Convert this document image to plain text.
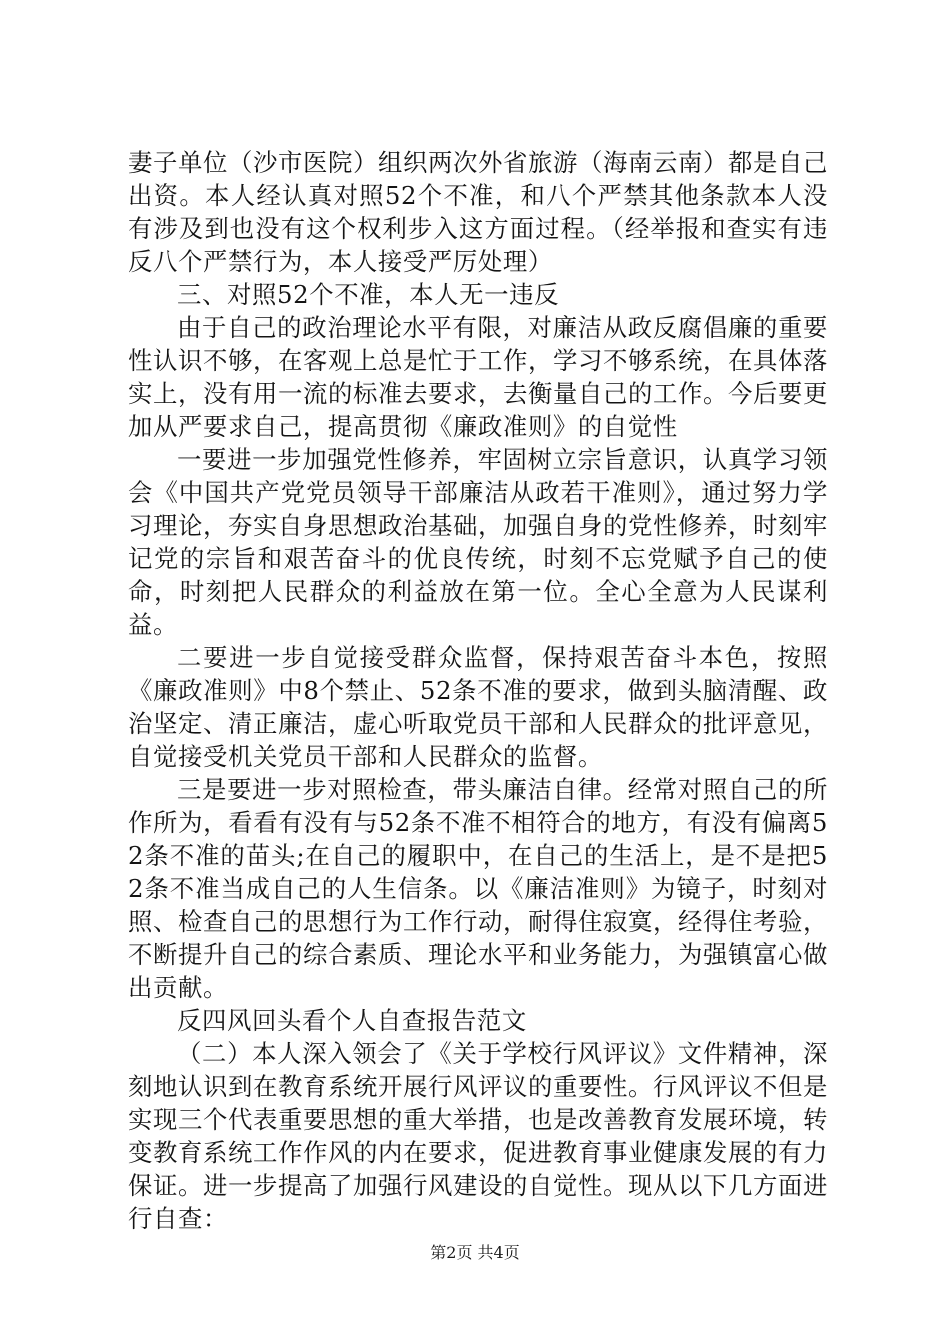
妻子单位（沙市医院）组织两次外省旅游（海南云南）都是自己出资。本人经认真对照52个不准，和八个严禁其他条款本人没有涉及到也没有这个权利步入这方面过程。（经举报和查实有违反八个严禁行为，本人接受严厉处理）

三、对照52个不准，本人无一违反

由于自己的政治理论水平有限，对廉洁从政反腐倡廉的重要性认识不够，在客观上总是忙于工作，学习不够系统，在具体落实上，没有用一流的标准去要求，去衡量自己的工作。今后要更加从严要求自己，提高贯彻《廉政准则》的自觉性

一要进一步加强党性修养，牢固树立宗旨意识，认真学习领会《中国共产党党员领导干部廉洁从政若干准则》，通过努力学习理论，夯实自身思想政治基础，加强自身的党性修养，时刻牢记党的宗旨和艰苦奋斗的优良传统，时刻不忘党赋予自己的使命，时刻把人民群众的利益放在第一位。全心全意为人民谋利益。

二要进一步自觉接受群众监督，保持艰苦奋斗本色，按照《廉政准则》中8个禁止、52条不准的要求，做到头脑清醒、政治坚定、清正廉洁，虚心听取党员干部和人民群众的批评意见，自觉接受机关党员干部和人民群众的监督。

三是要进一步对照检查，带头廉洁自律。经常对照自己的所作所为，看看有没有与52条不准不相符合的地方，有没有偏离52条不准的苗头;在自己的履职中，在自己的生活上，是不是把52条不准当成自己的人生信条。以《廉洁准则》为镜子，时刻对照、检查自己的思想行为工作行动，耐得住寂寞，经得住考验，不断提升自己的综合素质、理论水平和业务能力，为强镇富心做出贡献。

反四风回头看个人自查报告范文

（二）本人深入领会了《关于学校行风评议》文件精神，深刻地认识到在教育系统开展行风评议的重要性。行风评议不但是实现三个代表重要思想的重大举措，也是改善教育发展环境，转变教育系统工作作风的内在要求，促进教育事业健康发展的有力保证。进一步提高了加强行风建设的自觉性。现从以下几方面进行自查：

第2页 共4页
